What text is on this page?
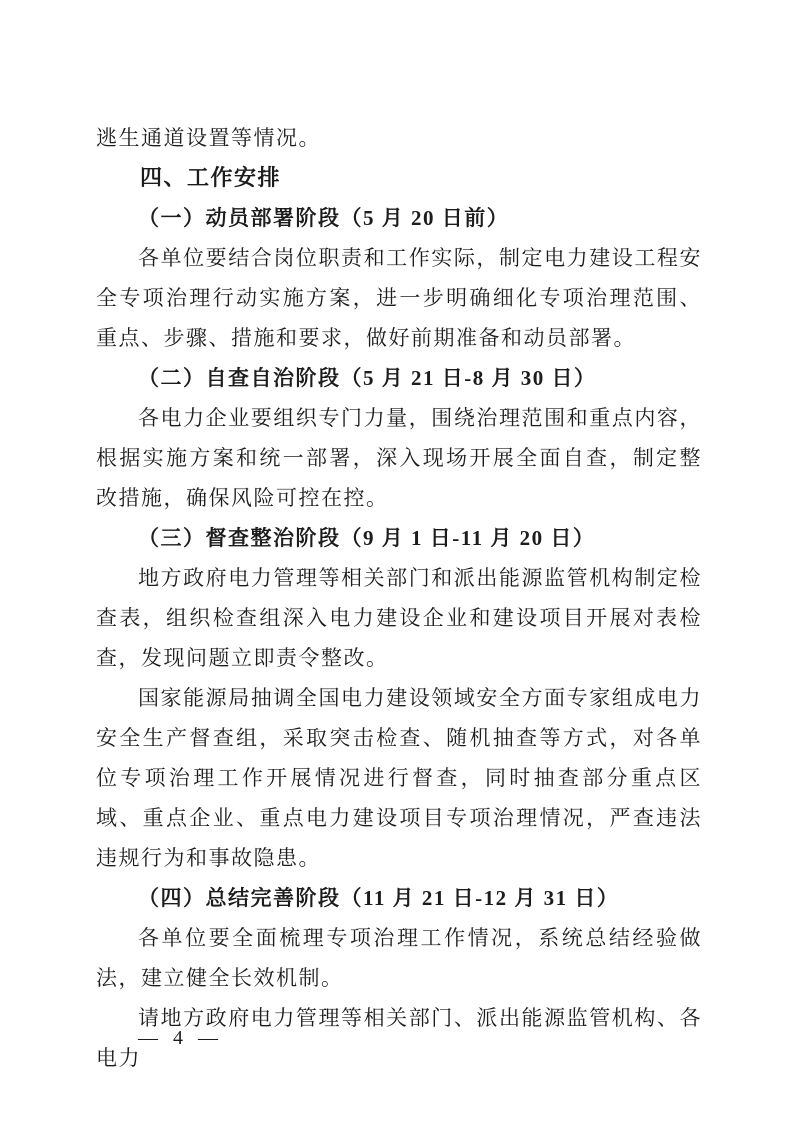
逃生通道设置等情况。

四、工作安排

（一）动员部署阶段（5 月 20 日前）

各单位要结合岗位职责和工作实际，制定电力建设工程安全专项治理行动实施方案，进一步明确细化专项治理范围、重点、步骤、措施和要求，做好前期准备和动员部署。

（二）自查自治阶段（5 月 21 日-8 月 30 日）

各电力企业要组织专门力量，围绕治理范围和重点内容，根据实施方案和统一部署，深入现场开展全面自查，制定整改措施，确保风险可控在控。

（三）督查整治阶段（9 月 1 日-11 月 20 日）

地方政府电力管理等相关部门和派出能源监管机构制定检查表，组织检查组深入电力建设企业和建设项目开展对表检查，发现问题立即责令整改。

国家能源局抽调全国电力建设领域安全方面专家组成电力安全生产督查组，采取突击检查、随机抽查等方式，对各单位专项治理工作开展情况进行督查，同时抽查部分重点区域、重点企业、重点电力建设项目专项治理情况，严查违法违规行为和事故隐患。

（四）总结完善阶段（11 月 21 日-12 月 31 日）

各单位要全面梳理专项治理工作情况，系统总结经验做法，建立健全长效机制。

请地方政府电力管理等相关部门、派出能源监管机构、各电力

— 4 —
